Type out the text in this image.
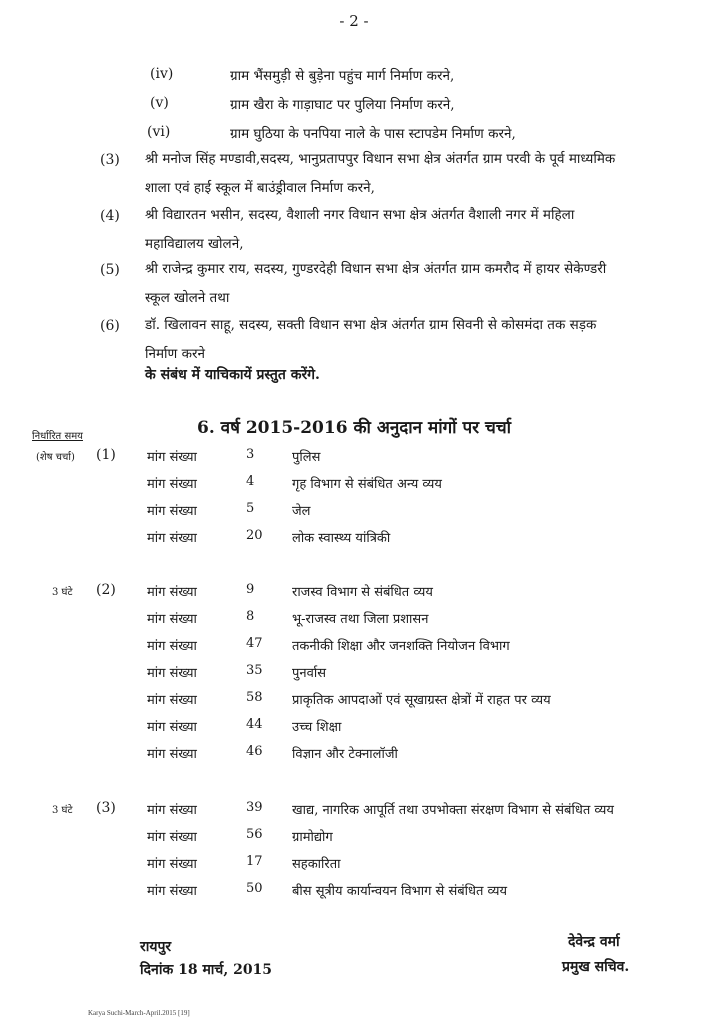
- 2 -
(iv)	ग्राम भैंसमुड़ी से बुड़ेना पहुंच मार्ग निर्माण करने,
(v)	ग्राम खैरा के गाड़ाघाट पर पुलिया निर्माण करने,
(vi)	ग्राम घुठिया के पनपिया नाले के पास स्टापडेम निर्माण करने,
(3) श्री मनोज सिंह मण्डावी,सदस्य, भानुप्रतापपुर विधान सभा क्षेत्र अंतर्गत ग्राम परवी के पूर्व माध्यमिक
शाला एवं हाई स्कूल में बाउंड्रीवाल निर्माण करने,
(4) श्री विद्यारतन भसीन, सदस्य, वैशाली नगर विधान सभा क्षेत्र अंतर्गत वैशाली नगर में महिला
महाविद्यालय खोलने,
(5) श्री राजेन्द्र कुमार राय, सदस्य, गुण्डरदेही विधान सभा क्षेत्र अंतर्गत ग्राम कमरौद में हायर सेकेण्डरी
स्कूल खोलने तथा
(6) डॉ. खिलावन साहू, सदस्य, सक्ती विधान सभा क्षेत्र अंतर्गत ग्राम सिवनी से कोसमंदा तक सड़क
निर्माण करने
के संबंध में याचिकायें प्रस्तुत करेंगे.
6. वर्ष 2015-2016 की अनुदान मांगों पर चर्चा
निर्धारित समय
(शेष चर्चा) (1) मांग संख्या	3	पुलिस
मांग संख्या	4	गृह विभाग से संबंधित अन्य व्यय
मांग संख्या	5	जेल
मांग संख्या	20	लोक स्वास्थ्य यांत्रिकी
3 घंटे (2) मांग संख्या	9	राजस्व विभाग से संबंधित व्यय
मांग संख्या	8	भू-राजस्व तथा जिला प्रशासन
मांग संख्या	47	तकनीकी शिक्षा और जनशक्ति नियोजन विभाग
मांग संख्या	35	पुनर्वास
मांग संख्या	58	प्राकृतिक आपदाओं एवं सूखाग्रस्त क्षेत्रों में राहत पर व्यय
मांग संख्या	44	उच्च शिक्षा
मांग संख्या	46	विज्ञान और टेक्नालॉजी
3 घंटे (3) मांग संख्या	39	खाद्य, नागरिक आपूर्ति तथा उपभोक्ता संरक्षण विभाग से संबंधित व्यय
मांग संख्या	56	ग्रामोद्योग
मांग संख्या	17	सहकारिता
मांग संख्या	50	बीस सूत्रीय कार्यान्वयन विभाग से संबंधित व्यय
रायपुर
दिनांक 18 मार्च, 2015
देवेन्द्र वर्मा
प्रमुख सचिव.
Karya Suchi-March-April.2015 [19]
